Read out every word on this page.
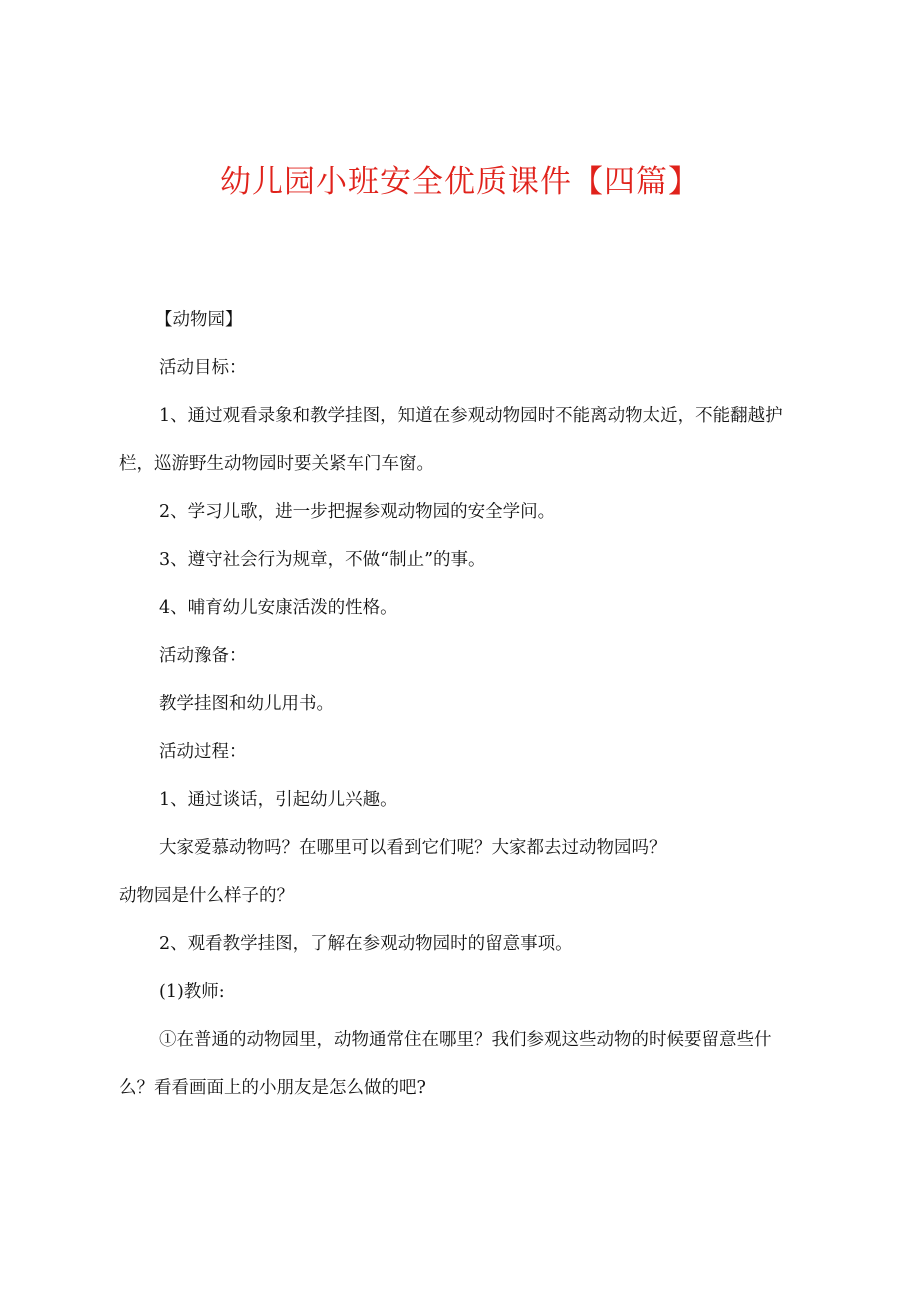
幼儿园小班安全优质课件【四篇】

【动物园】

活动目标：

1、通过观看录象和教学挂图，知道在参观动物园时不能离动物太近，不能翻越护

栏，巡游野生动物园时要关紧车门车窗。

2、学习儿歌，进一步把握参观动物园的安全学问。

3、遵守社会行为规章，不做“制止”的事。

4、哺育幼儿安康活泼的性格。

活动豫备：

教学挂图和幼儿用书。

活动过程：

1、通过谈话，引起幼儿兴趣。

大家爱慕动物吗？在哪里可以看到它们呢？大家都去过动物园吗？

动物园是什么样子的？

2、观看教学挂图，了解在参观动物园时的留意事项。

(1)教师:

①在普通的动物园里，动物通常住在哪里？我们参观这些动物的时候要留意些什

么？看看画面上的小朋友是怎么做的吧?
